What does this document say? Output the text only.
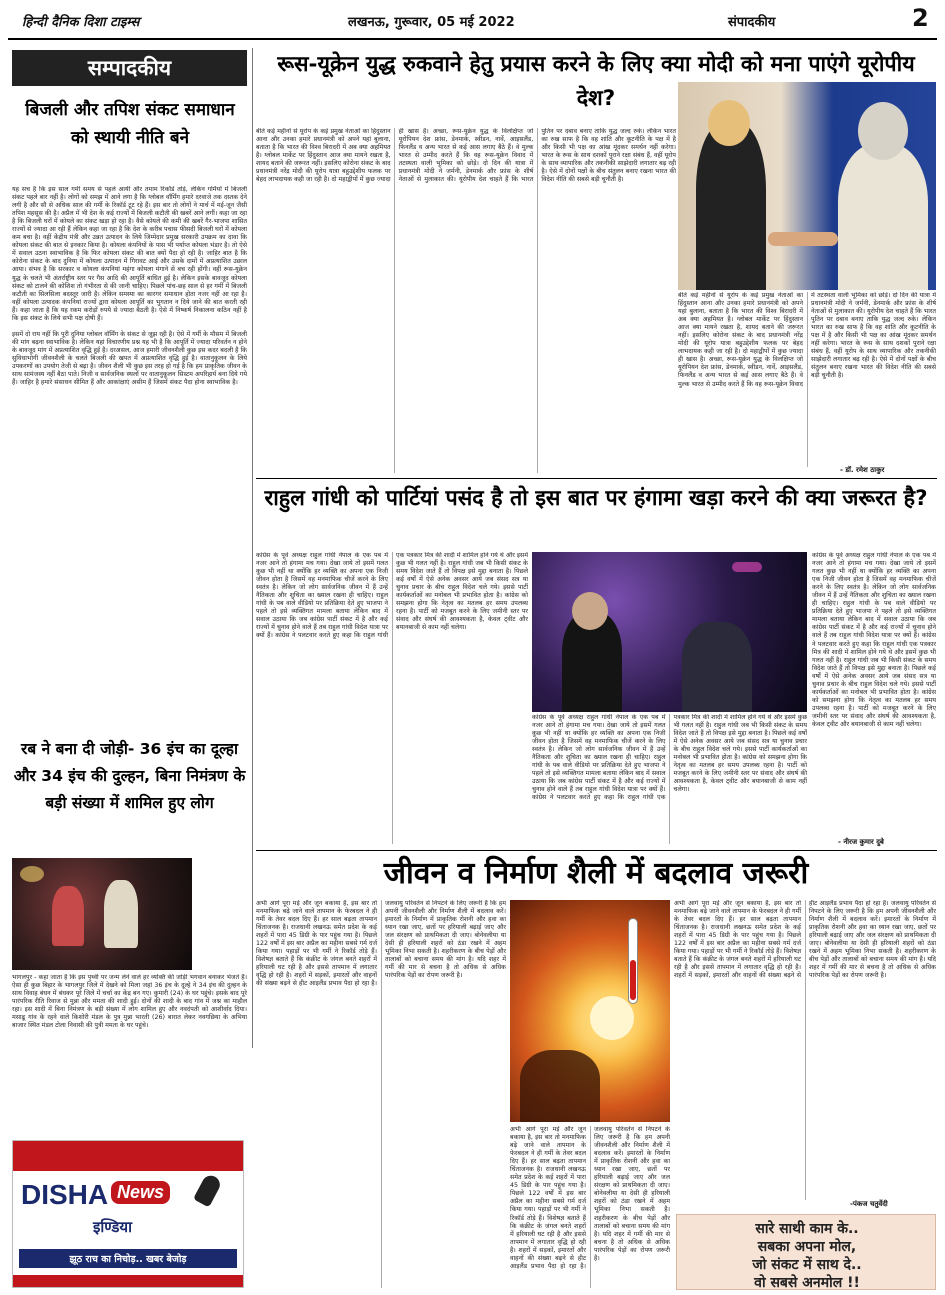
हिन्दी दैनिक दिशा टाइम्स	लखनऊ, गुरूवार, 05 मई 2022	संपादकीय	2
सम्पादकीय
बिजली और तपिश संकट समाधान को स्थायी नीति बने
यह सच है कि इस साल गर्मी समय से पहले आयी और तमाम रिकॉर्ड तोड़े, लेकिन गर्मियों में बिजली संकट पहले बार नहीं है। लोगों को समझ में आने लगा है कि ग्लोबल वॉर्मिंग हमारे दरवाजे तक दस्तक देने लगी है और सौ से अधिक साल की गर्मी के रिकॉर्ड टूट रहे हैं। इस बार तो लोगों ने मार्च में मई-जून जैसी तपिश महसूस की है। अप्रैल में भी देश के कई राज्यों में बिजली कटौती की खबरें आने लगीं। कहा जा रहा है कि बिजली घरों में कोयले का संकट खड़ा हो रहा है। वैसे कोयले की कमी की खबरें गैर-भाजपा शासित राज्यों से ज्यादा आ रही हैं लेकिन कहा जा रहा है कि देश के करीब पचास फीसदी बिजली घरों में कोयला कम बचा है। वहीं केंद्रीय मंत्री और उन्नत उत्पादन के लिये जिम्मेदार प्रमुख सरकारी उपक्रम का दावा कि कोयला संकट की बात से इनकार किया है। कोयला कंपनियों के पास भी पर्याप्त कोयला भंडार है। तो ऐसे में सवाल उठना स्वाभाविक है कि फिर कोयला संकट की बात क्यों पैदा हो रही है। जाहिर बात है कि कोरोना संकट के बाद दुनिया में कोयला उत्पादन में गिरावट आई और उसके दामों में अप्रत्याशित उछाल आया। संभव है कि सरकार व कोयला कंपनियां महंगा कोयला मंगाने से बच रही होंगी। वहीं रूस-यूक्रेन युद्ध के चलते भी अंतर्राष्ट्रीय स्तर पर गैस आदि की आपूर्ति बाधित हुई है। लेकिन इसके बावजूद कोयला संकट को टालने की कोशिश तो गंभीरता से की जानी चाहिए। पिछले पांच-छह साल से हर गर्मी में बिजली कटौती का सिलसिला बदस्तूर जारी है। लेकिन समस्या का कारगर समाधान होता नजर नहीं आ रहा है। वहीं कोयला उत्पादक कंपनियां राज्यों द्वारा कोयला आपूर्ति का भुगतान न दिये जाने की बात करती रही हैं। कहा जाता है कि यह रकम करोड़ों रुपये से ज्यादा बैठती है। ऐसे में निष्कर्ष निकालना कठिन नहीं है कि इस संकट के लिये सभी पक्ष दोषी हैं।

इसमें दो राय नहीं कि पूरी दुनिया ग्लोबल वॉर्मिंग के संकट से जूझ रही है। ऐसे में गर्मी के मौसम में बिजली की मांग बढ़ना स्वाभाविक है। लेकिन यहां विचारणीय प्रश्न यह भी है कि आपूर्ति में ज्यादा परिवर्तन न होने के बावजूद मांग में अप्रत्याशित वृद्धि हुई है। दरअसल, आज हमारी जीवनशैली कुछ इस कदर बदली है कि सुविधाभोगी जीवनशैली के चलते बिजली की खपत में अप्रत्याशित वृद्धि हुई है। वातानुकूलन के लिये उपकरणों का उपयोग तेजी से बढ़ा है। जीवन शैली भी कुछ इस तरह हो गई है कि हम प्राकृतिक जीवन के साथ सामंजस्य नहीं बैठा पाते। निजी व सार्वजनिक स्थलों पर वातानुकूलन सिस्टम अपरिहार्य बना दिये गये हैं। जाहिर है हमारे संसाधन सीमित हैं और आकांक्षाएं असीम हैं जिसमें संकट पैदा होना स्वाभाविक है।
रब ने बना दी जोड़ी- 36 इंच का दूल्हा और 34 इंच की दुल्हन, बिना निमंत्रण के बड़ी संख्या में शामिल हुए लोग
भागलपुर - कहा जाता है कि इस पृथ्वी पर जन्म लेने वाले हर व्यक्ति की जोड़ी भगवान बनाकर भेजते हैं। ऐसा ही कुछ बिहार के भागलपुर जिले में देखने को मिला जहां 36 इंच के दूल्हे ने 34 इंच की दुल्हन के साथ विवाह बंधन में बंधकर पूरे जिले में चर्चा का केंद्र बन गए। कुमारी (24) के घर पहुंचे। इसके बाद पूरे पारंपरिक रीति रिवाज से मुन्ना और ममता की शादी हुई। दोनों की शादी के बाद गांव में जश्न का माहौल रहा। इस शादी में बिना निमंत्रण के बड़ी संख्या में लोग शामिल हुए और नवदंपती को आशीर्वाद दिया। मसाढू गांव के रहने वाले किशोरी मंडल के पुत्र मुन्ना भारती (26) बारात लेकर नवगछिया के अभिया बाजार स्थित मंडल टोला निवासी की पुत्री ममता के घर पहुंचे।
DISHA News
इण्डिया
झूठ राच का निचोड़.. खबर बेजोड़
रूस-यूक्रेन युद्ध रुकवाने हेतु प्रयास करने के लिए क्या मोदी को मना पाएंगे यूरोपीय देश?
बीते कई महीनों से यूरोप के कई प्रमुख नेताओं का हिंदुस्तान आना और उनका हमारे प्रधानमंत्री को अपने यहां बुलाना, बताता है कि भारत की विश्व बिरादरी में अब क्या अहमियत है। ग्लोबल मार्केट पर हिंदुस्तान आज क्या मायने रखता है, शायद बताने की जरूरत नहीं। इसलिए कोरोना संकट के बाद प्रधानमंत्री नरेंद्र मोदी की यूरोप यात्रा बहुउद्देशीय फलक पर बेहद लाभदायक कही जा रही है। दो महाद्वीपों में कुछ ज्यादा ही खास है। अच्छा, रूस-यूक्रेन युद्ध के विलक्षिप्त जो यूरोपियन देश फ्रांस, डेनमार्क, स्वीडन, नार्वे, आइसलैंड, फिनलैंड व अन्य भारत से कई आस लगाए बैठे हैं। वे मुल्क भारत से उम्मीद करते हैं कि वह रूस-यूक्रेन विवाद में तटस्थता वाली भूमिका को छोड़े। दो दिन की यात्रा में प्रधानमंत्री मोदी ने जर्मनी, डेनमार्क और फ्रांस के शीर्ष नेताओं से मुलाकात की। यूरोपीय देश चाहते हैं कि भारत पुतिन पर दबाव बनाए ताकि युद्ध जल्द रुके। लेकिन भारत का रुख साफ है कि वह शांति और कूटनीति के पक्ष में है और किसी भी पक्ष का आंख मूंदकर समर्थन नहीं करेगा। भारत के रूस के साथ दशकों पुराने रक्षा संबंध हैं, वहीं यूरोप के साथ व्यापारिक और तकनीकी साझेदारी लगातार बढ़ रही है। ऐसे में दोनों पक्षों के बीच संतुलन बनाए रखना भारत की विदेश नीति की सबसे बड़ी चुनौती है।
बीते कई महीनों से यूरोप के कई प्रमुख नेताओं का हिंदुस्तान आना और उनका हमारे प्रधानमंत्री को अपने यहां बुलाना, बताता है कि भारत की विश्व बिरादरी में अब क्या अहमियत है। ग्लोबल मार्केट पर हिंदुस्तान आज क्या मायने रखता है, शायद बताने की जरूरत नहीं। इसलिए कोरोना संकट के बाद प्रधानमंत्री नरेंद्र मोदी की यूरोप यात्रा बहुउद्देशीय फलक पर बेहद लाभदायक कही जा रही है। दो महाद्वीपों में कुछ ज्यादा ही खास है। अच्छा, रूस-यूक्रेन युद्ध के विलक्षिप्त जो यूरोपियन देश फ्रांस, डेनमार्क, स्वीडन, नार्वे, आइसलैंड, फिनलैंड व अन्य भारत से कई आस लगाए बैठे हैं। वे मुल्क भारत से उम्मीद करते हैं कि वह रूस-यूक्रेन विवाद में तटस्थता वाली भूमिका को छोड़े। दो दिन की यात्रा में प्रधानमंत्री मोदी ने जर्मनी, डेनमार्क और फ्रांस के शीर्ष नेताओं से मुलाकात की। यूरोपीय देश चाहते हैं कि भारत पुतिन पर दबाव बनाए ताकि युद्ध जल्द रुके। लेकिन भारत का रुख साफ है कि वह शांति और कूटनीति के पक्ष में है और किसी भी पक्ष का आंख मूंदकर समर्थन नहीं करेगा। भारत के रूस के साथ दशकों पुराने रक्षा संबंध हैं, वहीं यूरोप के साथ व्यापारिक और तकनीकी साझेदारी लगातार बढ़ रही है। ऐसे में दोनों पक्षों के बीच संतुलन बनाए रखना भारत की विदेश नीति की सबसे बड़ी चुनौती है।
- डॉ. रमेश ठाकुर
राहुल गांधी को पार्टियां पसंद है तो इस बात पर हंगामा खड़ा करने की क्या जरूरत है?
कांग्रेस के पूर्व अध्यक्ष राहुल गांधी नेपाल के एक पब में नजर आने तो हंगामा मच गया। देखा जाये तो इसमें गलत कुछ भी नहीं था क्योंकि हर व्यक्ति का अपना एक निजी जीवन होता है जिसमें वह मनमाफिक चीजें करने के लिए स्वतंत्र है। लेकिन जो लोग सार्वजनिक जीवन में हैं उन्हें नैतिकता और शुचिता का ख्याल रखना ही चाहिए। राहुल गांधी के पब वाले वीडियो पर प्रतिक्रिया देते हुए भाजपा ने पहले तो इसे व्यक्तिगत मामला बताया लेकिन बाद में सवाल उठाया कि जब कांग्रेस पार्टी संकट में है और कई राज्यों में चुनाव होने वाले हैं तब राहुल गांधी विदेश यात्रा पर क्यों हैं। कांग्रेस ने पलटवार करते हुए कहा कि राहुल गांधी एक पत्रकार मित्र की शादी में शामिल होने गये थे और इसमें कुछ भी गलत नहीं है। राहुल गांधी जब भी किसी संकट के समय विदेश जाते हैं तो विपक्ष इसे मुद्दा बनाता है। पिछले कई वर्षों में ऐसे अनेक अवसर आये जब संसद सत्र या चुनाव प्रचार के बीच राहुल विदेश चले गये। इससे पार्टी कार्यकर्ताओं का मनोबल भी प्रभावित होता है। कांग्रेस को समझना होगा कि नेतृत्व का मतलब हर समय उपलब्ध रहना है। पार्टी को मजबूत करने के लिए जमीनी स्तर पर संवाद और संघर्ष की आवश्यकता है, केवल ट्वीट और बयानबाजी से काम नहीं चलेगा।
कांग्रेस के पूर्व अध्यक्ष राहुल गांधी नेपाल के एक पब में नजर आने तो हंगामा मच गया। देखा जाये तो इसमें गलत कुछ भी नहीं था क्योंकि हर व्यक्ति का अपना एक निजी जीवन होता है जिसमें वह मनमाफिक चीजें करने के लिए स्वतंत्र है। लेकिन जो लोग सार्वजनिक जीवन में हैं उन्हें नैतिकता और शुचिता का ख्याल रखना ही चाहिए। राहुल गांधी के पब वाले वीडियो पर प्रतिक्रिया देते हुए भाजपा ने पहले तो इसे व्यक्तिगत मामला बताया लेकिन बाद में सवाल उठाया कि जब कांग्रेस पार्टी संकट में है और कई राज्यों में चुनाव होने वाले हैं तब राहुल गांधी विदेश यात्रा पर क्यों हैं। कांग्रेस ने पलटवार करते हुए कहा कि राहुल गांधी एक पत्रकार मित्र की शादी में शामिल होने गये थे और इसमें कुछ भी गलत नहीं है। राहुल गांधी जब भी किसी संकट के समय विदेश जाते हैं तो विपक्ष इसे मुद्दा बनाता है। पिछले कई वर्षों में ऐसे अनेक अवसर आये जब संसद सत्र या चुनाव प्रचार के बीच राहुल विदेश चले गये। इससे पार्टी कार्यकर्ताओं का मनोबल भी प्रभावित होता है। कांग्रेस को समझना होगा कि नेतृत्व का मतलब हर समय उपलब्ध रहना है। पार्टी को मजबूत करने के लिए जमीनी स्तर पर संवाद और संघर्ष की आवश्यकता है, केवल ट्वीट और बयानबाजी से काम नहीं चलेगा।
कांग्रेस के पूर्व अध्यक्ष राहुल गांधी नेपाल के एक पब में नजर आने तो हंगामा मच गया। देखा जाये तो इसमें गलत कुछ भी नहीं था क्योंकि हर व्यक्ति का अपना एक निजी जीवन होता है जिसमें वह मनमाफिक चीजें करने के लिए स्वतंत्र है। लेकिन जो लोग सार्वजनिक जीवन में हैं उन्हें नैतिकता और शुचिता का ख्याल रखना ही चाहिए। राहुल गांधी के पब वाले वीडियो पर प्रतिक्रिया देते हुए भाजपा ने पहले तो इसे व्यक्तिगत मामला बताया लेकिन बाद में सवाल उठाया कि जब कांग्रेस पार्टी संकट में है और कई राज्यों में चुनाव होने वाले हैं तब राहुल गांधी विदेश यात्रा पर क्यों हैं। कांग्रेस ने पलटवार करते हुए कहा कि राहुल गांधी एक पत्रकार मित्र की शादी में शामिल होने गये थे और इसमें कुछ भी गलत नहीं है। राहुल गांधी जब भी किसी संकट के समय विदेश जाते हैं तो विपक्ष इसे मुद्दा बनाता है। पिछले कई वर्षों में ऐसे अनेक अवसर आये जब संसद सत्र या चुनाव प्रचार के बीच राहुल विदेश चले गये। इससे पार्टी कार्यकर्ताओं का मनोबल भी प्रभावित होता है। कांग्रेस को समझना होगा कि नेतृत्व का मतलब हर समय उपलब्ध रहना है। पार्टी को मजबूत करने के लिए जमीनी स्तर पर संवाद और संघर्ष की आवश्यकता है, केवल ट्वीट और बयानबाजी से काम नहीं चलेगा।
- नीरज कुमार दुबे
जीवन व निर्माण शैली में बदलाव जरूरी
अभी आगे पूरा मई और जून बकाया है, इस बार तो मनमाफिक बढ़े जाने वाले तापमान के फेरबदल ने ही गर्मी के तेवर बदल दिए हैं। हर साल बढ़ता तापमान चिंताजनक है। राजधानी लखनऊ समेत प्रदेश के कई शहरों में पारा 45 डिग्री के पार पहुंच गया है। पिछले 122 वर्षों में इस बार अप्रैल का महीना सबसे गर्म दर्ज किया गया। पहाड़ों पर भी गर्मी ने रिकॉर्ड तोड़े हैं। विशेषज्ञ बताते हैं कि कंक्रीट के जंगल बनते शहरों में हरियाली घट रही है और इससे तापमान में लगातार वृद्धि हो रही है। शहरों में सड़कों, इमारतों और वाहनों की संख्या बढ़ने से हीट आइलैंड प्रभाव पैदा हो रहा है। जलवायु परिवर्तन से निपटने के लिए जरूरी है कि हम अपनी जीवनशैली और निर्माण शैली में बदलाव करें। इमारतों के निर्माण में प्राकृतिक रोशनी और हवा का ध्यान रखा जाए, छतों पर हरियाली बढ़ाई जाए और जल संरक्षण को प्राथमिकता दी जाए। बोनेवलीया या देसी ही हरियाली शहरों को ठंडा रखने में अहम भूमिका निभा सकती है। शहरीकरण के बीच पेड़ों और तालाबों को बचाना समय की मांग है। यदि शहर में गर्मी की मार से बचना है तो अधिक से अधिक पारंपरिक पेड़ों का रोपण जरूरी है।
अभी आगे पूरा मई और जून बकाया है, इस बार तो मनमाफिक बढ़े जाने वाले तापमान के फेरबदल ने ही गर्मी के तेवर बदल दिए हैं। हर साल बढ़ता तापमान चिंताजनक है। राजधानी लखनऊ समेत प्रदेश के कई शहरों में पारा 45 डिग्री के पार पहुंच गया है। पिछले 122 वर्षों में इस बार अप्रैल का महीना सबसे गर्म दर्ज किया गया। पहाड़ों पर भी गर्मी ने रिकॉर्ड तोड़े हैं। विशेषज्ञ बताते हैं कि कंक्रीट के जंगल बनते शहरों में हरियाली घट रही है और इससे तापमान में लगातार वृद्धि हो रही है। शहरों में सड़कों, इमारतों और वाहनों की संख्या बढ़ने से हीट आइलैंड प्रभाव पैदा हो रहा है। जलवायु परिवर्तन से निपटने के लिए जरूरी है कि हम अपनी जीवनशैली और निर्माण शैली में बदलाव करें। इमारतों के निर्माण में प्राकृतिक रोशनी और हवा का ध्यान रखा जाए, छतों पर हरियाली बढ़ाई जाए और जल संरक्षण को प्राथमिकता दी जाए। बोनेवलीया या देसी ही हरियाली शहरों को ठंडा रखने में अहम भूमिका निभा सकती है। शहरीकरण के बीच पेड़ों और तालाबों को बचाना समय की मांग है। यदि शहर में गर्मी की मार से बचना है तो अधिक से अधिक पारंपरिक पेड़ों का रोपण जरूरी है।
अभी आगे पूरा मई और जून बकाया है, इस बार तो मनमाफिक बढ़े जाने वाले तापमान के फेरबदल ने ही गर्मी के तेवर बदल दिए हैं। हर साल बढ़ता तापमान चिंताजनक है। राजधानी लखनऊ समेत प्रदेश के कई शहरों में पारा 45 डिग्री के पार पहुंच गया है। पिछले 122 वर्षों में इस बार अप्रैल का महीना सबसे गर्म दर्ज किया गया। पहाड़ों पर भी गर्मी ने रिकॉर्ड तोड़े हैं। विशेषज्ञ बताते हैं कि कंक्रीट के जंगल बनते शहरों में हरियाली घट रही है और इससे तापमान में लगातार वृद्धि हो रही है। शहरों में सड़कों, इमारतों और वाहनों की संख्या बढ़ने से हीट आइलैंड प्रभाव पैदा हो रहा है। जलवायु परिवर्तन से निपटने के लिए जरूरी है कि हम अपनी जीवनशैली और निर्माण शैली में बदलाव करें। इमारतों के निर्माण में प्राकृतिक रोशनी और हवा का ध्यान रखा जाए, छतों पर हरियाली बढ़ाई जाए और जल संरक्षण को प्राथमिकता दी जाए। बोनेवलीया या देसी ही हरियाली शहरों को ठंडा रखने में अहम भूमिका निभा सकती है। शहरीकरण के बीच पेड़ों और तालाबों को बचाना समय की मांग है। यदि शहर में गर्मी की मार से बचना है तो अधिक से अधिक पारंपरिक पेड़ों का रोपण जरूरी है।
-पंकज चतुर्वेदी
सारे साथी काम के..
सबका अपना मोल,
जो संकट में साथ दे..
वो सबसे अनमोल !!
